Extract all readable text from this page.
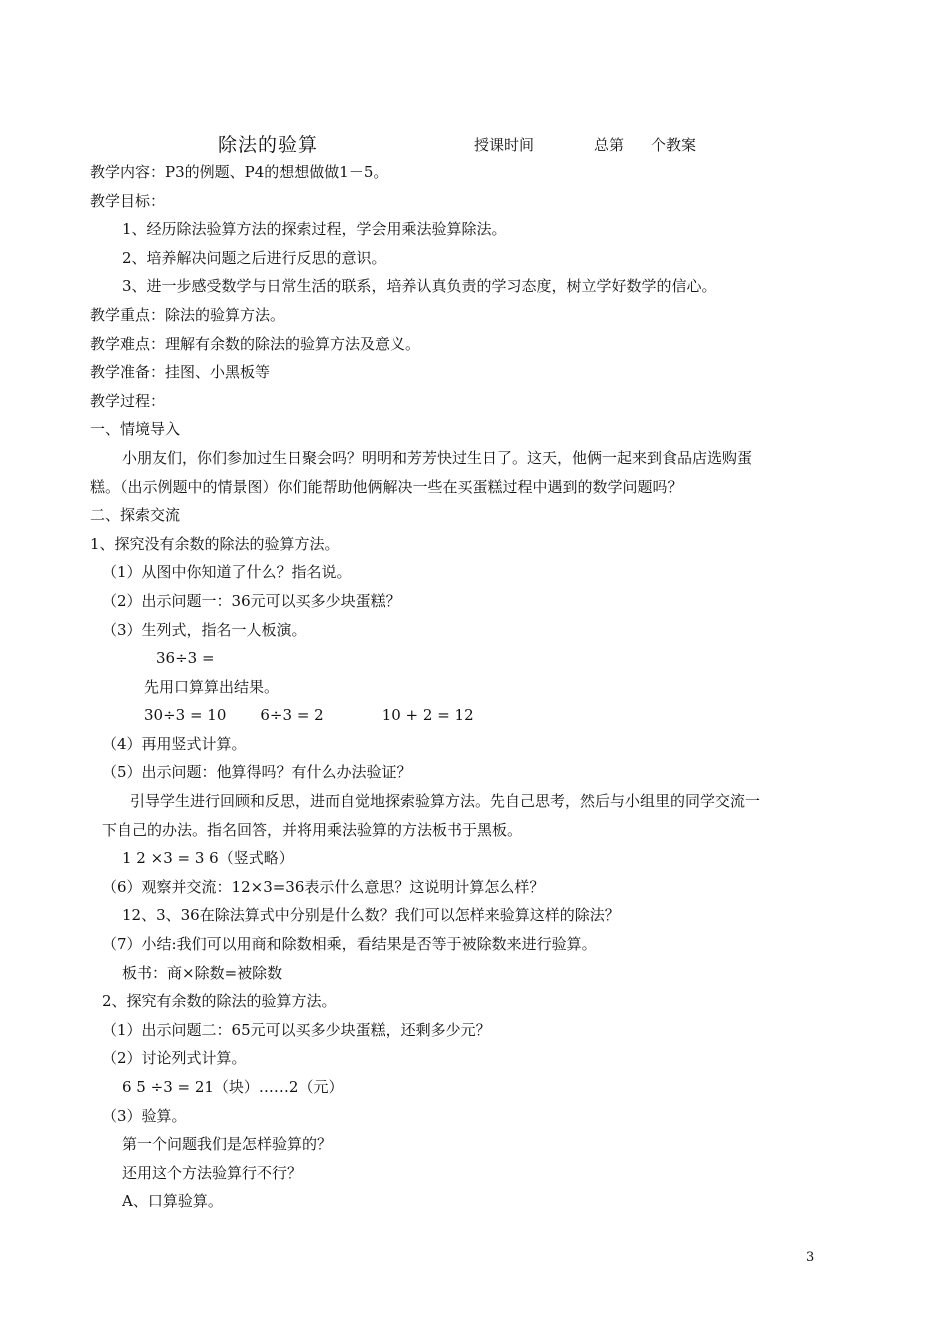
除法的验算	授课时间	总第 个教案
教学内容：P3的例题、P4的想想做做1－5。
教学目标：
1、经历除法验算方法的探索过程，学会用乘法验算除法。
2、培养解决问题之后进行反思的意识。
3、进一步感受数学与日常生活的联系，培养认真负责的学习态度，树立学好数学的信心。
教学重点：除法的验算方法。
教学难点：理解有余数的除法的验算方法及意义。
教学准备：挂图、小黑板等
教学过程：
一、情境导入
小朋友们，你们参加过生日聚会吗？明明和芳芳快过生日了。这天，他俩一起来到食品店选购蛋
糕。（出示例题中的情景图）你们能帮助他俩解决一些在买蛋糕过程中遇到的数学问题吗？
二、探索交流
1、探究没有余数的除法的验算方法。
（1）从图中你知道了什么？指名说。
（2）出示问题一：36元可以买多少块蛋糕？
（3）生列式，指名一人板演。
36÷3 =
先用口算算出结果。
30÷3 = 10 6÷3 = 2	10 + 2 = 12
（4）再用竖式计算。
（5）出示问题：他算得吗？有什么办法验证？
引导学生进行回顾和反思，进而自觉地探索验算方法。先自己思考，然后与小组里的同学交流一
下自己的办法。指名回答，并将用乘法验算的方法板书于黑板。
1 2 ×3 = 3 6（竖式略）
（6）观察并交流：12×3=36表示什么意思？这说明计算怎么样？
12、3、36在除法算式中分别是什么数？我们可以怎样来验算这样的除法？
（7）小结:我们可以用商和除数相乘，看结果是否等于被除数来进行验算。
板书：商×除数=被除数
2、探究有余数的除法的验算方法。
（1）出示问题二：65元可以买多少块蛋糕，还剩多少元？
（2）讨论列式计算。
6 5 ÷3 = 21（块）……2（元）
（3）验算。
第一个问题我们是怎样验算的？
还用这个方法验算行不行？
A、口算验算。
3
